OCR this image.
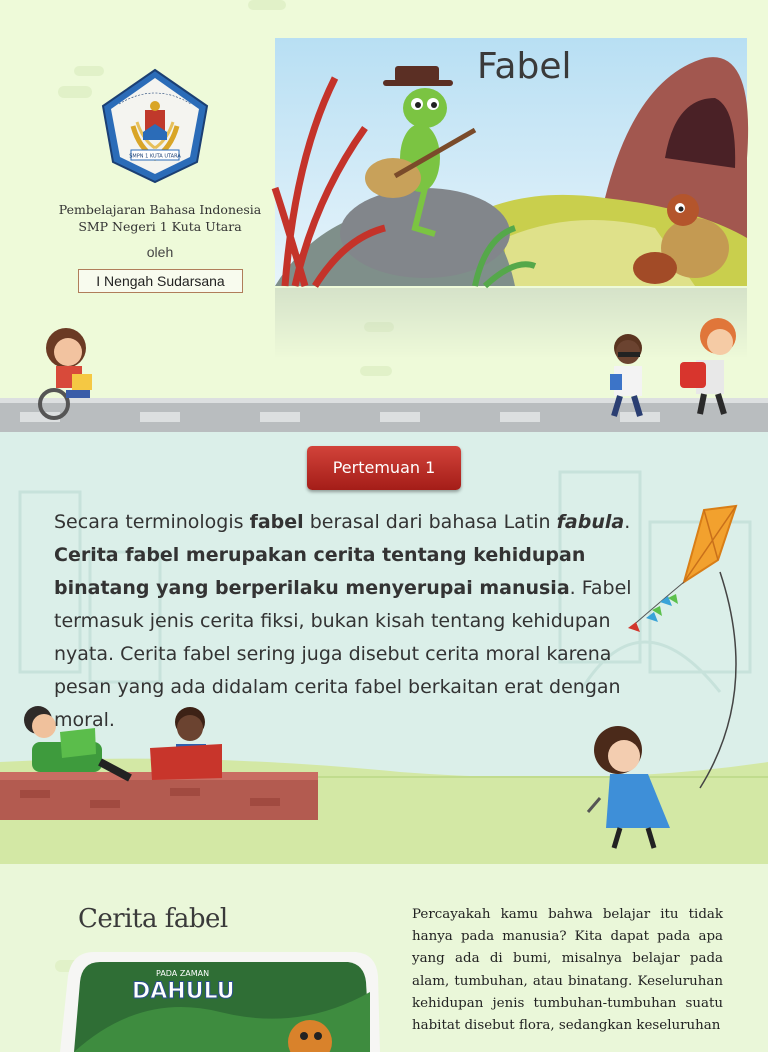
SMPN 1 KUTA UTARA
Pembelajaran Bahasa Indonesia
SMP Negeri 1 Kuta Utara
oleh
I Nengah Sudarsana
Fabel
Pertemuan 1

Secara terminologis fabel berasal dari bahasa Latin fabula. Cerita fabel merupakan cerita tentang kehidupan binatang yang berperilaku menyerupai manusia. Fabel termasuk jenis cerita fiksi, bukan kisah tentang kehidupan nyata. Cerita fabel sering juga disebut cerita moral karena pesan yang ada didalam cerita fabel berkaitan erat dengan moral.

Cerita fabel
PADA ZAMAN
DAHULU
Percayakah kamu bahwa belajar itu tidak hanya pada manusia? Kita dapat pada apa yang ada di bumi, misalnya belajar pada alam, tumbuhan, atau binatang. Keseluruhan kehidupan jenis tumbuhan-tumbuhan suatu habitat disebut flora, sedangkan keseluruhan
